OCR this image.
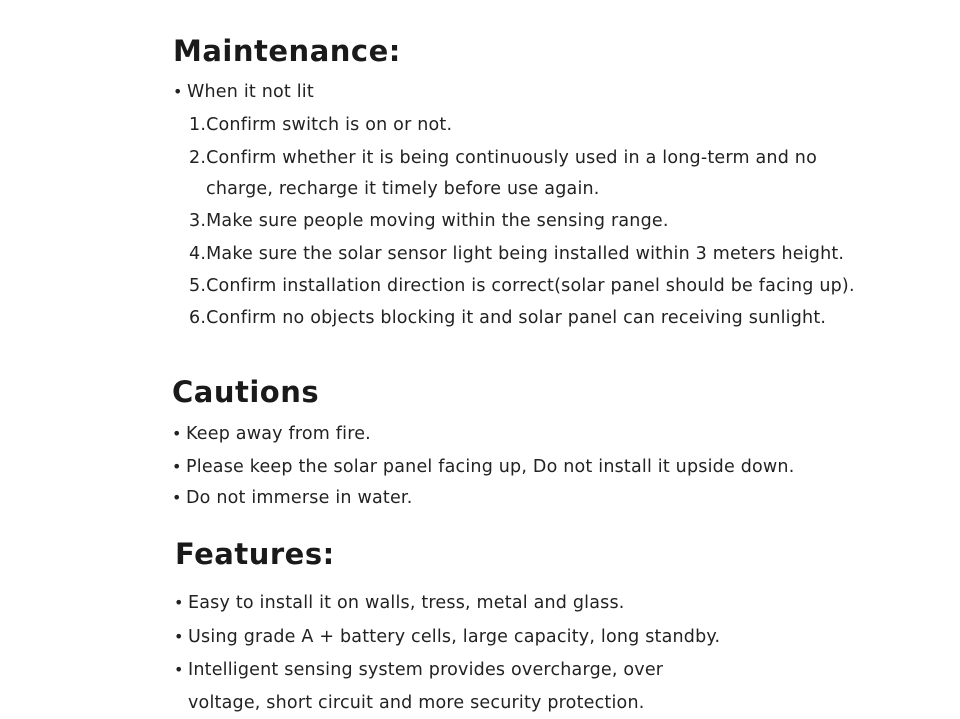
Maintenance:

• When it not lit

1.Confirm switch is on or not.

2.Confirm whether it is being continuously used in a long-term and no

charge, recharge it timely before use again.

3.Make sure people moving within the sensing range.

4.Make sure the solar sensor light being installed within 3 meters height.

5.Confirm installation direction is correct(solar panel should be facing up).

6.Confirm no objects blocking it and solar panel can receiving sunlight.

Cautions

• Keep away from fire.

• Please keep the solar panel facing up, Do not install it upside down.

• Do not immerse in water.

Features:

• Easy to install it on walls, tress, metal and glass.

• Using grade A + battery cells, large capacity, long standby.

• Intelligent sensing system provides overcharge, over

voltage, short circuit and more security protection.
